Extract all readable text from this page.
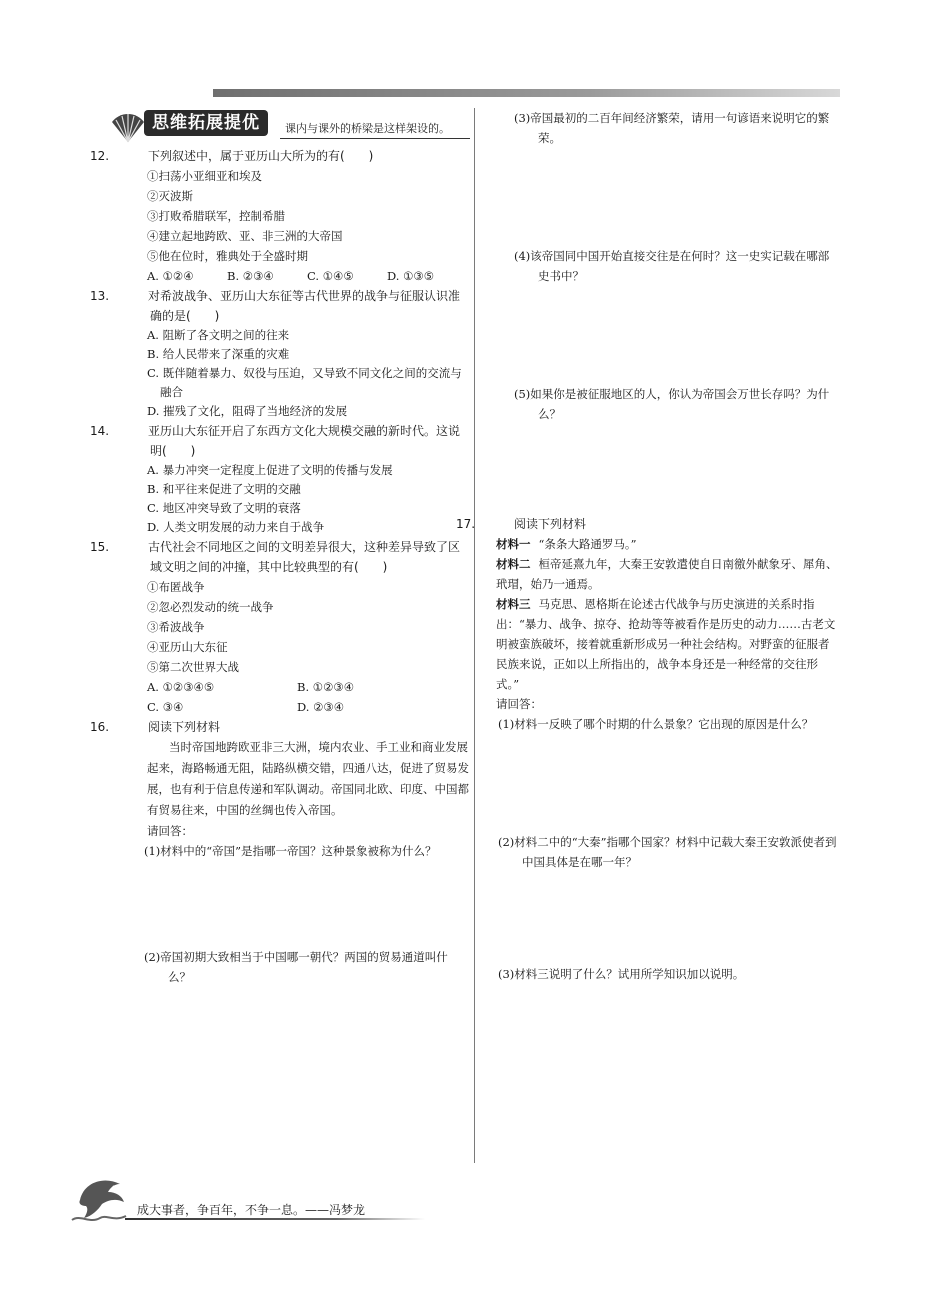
思维拓展提优	课内与课外的桥梁是这样架设的。

12.	下列叙述中，属于亚历山大所为的有(　　)

①扫荡小亚细亚和埃及

②灭波斯

③打败希腊联军，控制希腊

④建立起地跨欧、亚、非三洲的大帝国

⑤他在位时，雅典处于全盛时期

A. ①②④	B. ②③④	C. ①④⑤	D. ①③⑤

13.	对希波战争、亚历山大东征等古代世界的战争与征服认识准确的是(　　)

A. 阻断了各文明之间的往来

B. 给人民带来了深重的灾难

C. 既伴随着暴力、奴役与压迫，又导致不同文化之间的交流与融合

D. 摧残了文化，阻碍了当地经济的发展

14.	亚历山大东征开启了东西方文化大规模交融的新时代。这说明(　　)

A. 暴力冲突一定程度上促进了文明的传播与发展

B. 和平往来促进了文明的交融

C. 地区冲突导致了文明的衰落

D. 人类文明发展的动力来自于战争

15.	古代社会不同地区之间的文明差异很大，这种差异导致了区域文明之间的冲撞，其中比较典型的有(　　)

①布匿战争

②忽必烈发动的统一战争

③希波战争

④亚历山大东征

⑤第二次世界大战

A. ①②③④⑤	B. ①②③④
C. ③④	D. ②③④

16.	阅读下列材料

当时帝国地跨欧亚非三大洲，境内农业、手工业和商业发展起来，海路畅通无阻，陆路纵横交错，四通八达，促进了贸易发展，也有利于信息传递和军队调动。帝国同北欧、印度、中国都有贸易往来，中国的丝绸也传入帝国。

请回答：

(1)材料中的“帝国”是指哪一帝国？这种景象被称为什么？

(2)帝国初期大致相当于中国哪一朝代？两国的贸易通道叫什么？

(3)帝国最初的二百年间经济繁荣，请用一句谚语来说明它的繁荣。

(4)该帝国同中国开始直接交往是在何时？这一史实记载在哪部史书中？

(5)如果你是被征服地区的人，你认为帝国会万世长存吗？为什么？

17.	阅读下列材料

材料一 “条条大路通罗马。”

材料二 桓帝延熹九年，大秦王安敦遣使自日南徼外献象牙、犀角、玳瑁，始乃一通焉。

材料三 马克思、恩格斯在论述古代战争与历史演进的关系时指出：“暴力、战争、掠夺、抢劫等等被看作是历史的动力……古老文明被蛮族破坏，接着就重新形成另一种社会结构。对野蛮的征服者民族来说，正如以上所指出的，战争本身还是一种经常的交往形式。”

请回答：

(1)材料一反映了哪个时期的什么景象？它出现的原因是什么？

(2)材料二中的“大秦”指哪个国家？材料中记载大秦王安敦派使者到中国具体是在哪一年？

(3)材料三说明了什么？试用所学知识加以说明。

成大事者，争百年，不争一息。——冯梦龙
